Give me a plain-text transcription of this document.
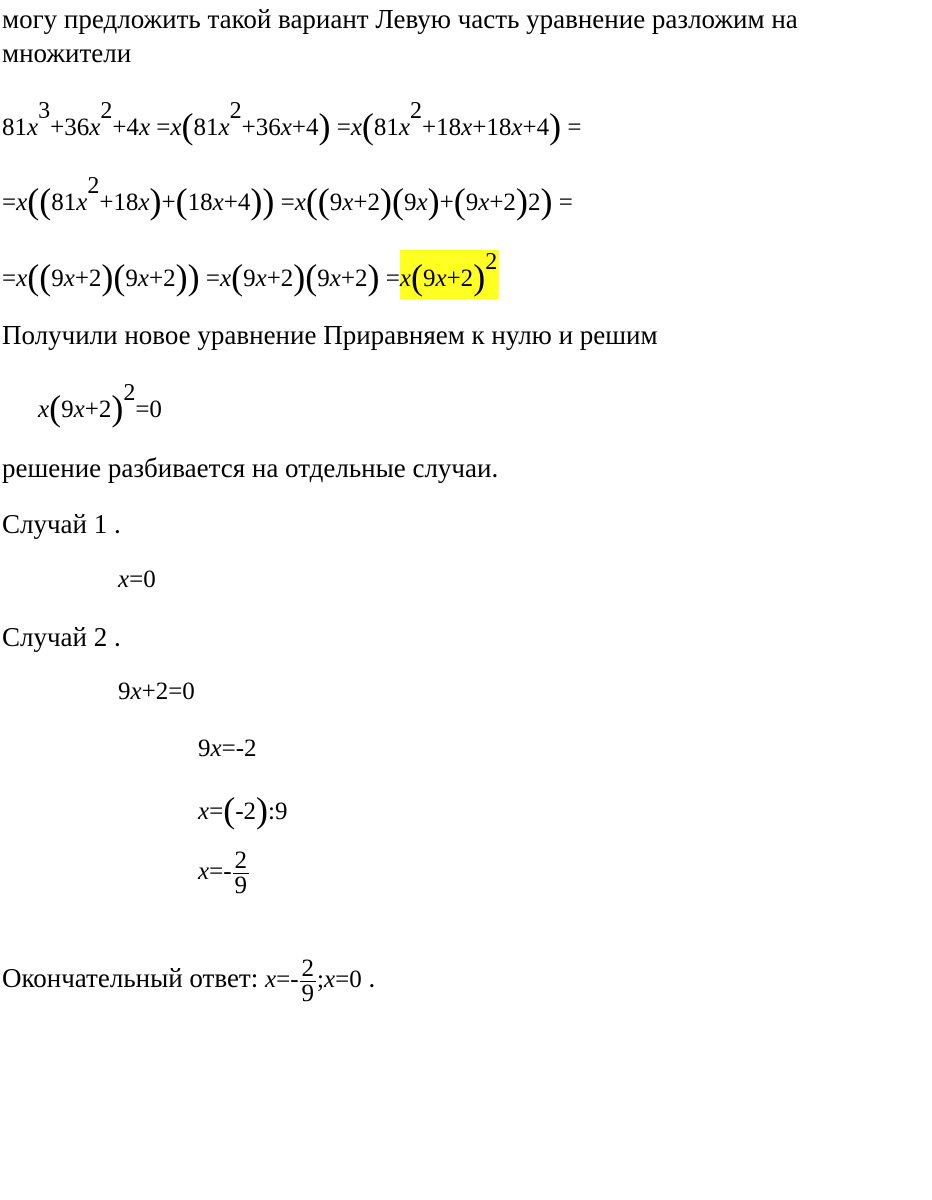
могу предложить такой вариант Левую часть уравнение разложим на
множители
81x3+36x2+4x =x(81x2+36x+4) =x(81x2+18x+18x+4) =
=x((81x2+18x)+(18x+4)) =x((9x+2)(9x)+(9x+2)2) =
=x((9x+2)(9x+2)) =x(9x+2)(9x+2) =x(9x+2)2
Получили новое уравнение Приравняем к нулю и решим
x(9x+2)2=0
решение разбивается на отдельные случаи.
Случай 1 .
x=0
Случай 2 .
9x+2=0
9x=-2
x=(-2):9
$x=- \frac{2}{9}$
Окончательный ответ: $x=- \frac{2}{9}$ ;x=0 .
